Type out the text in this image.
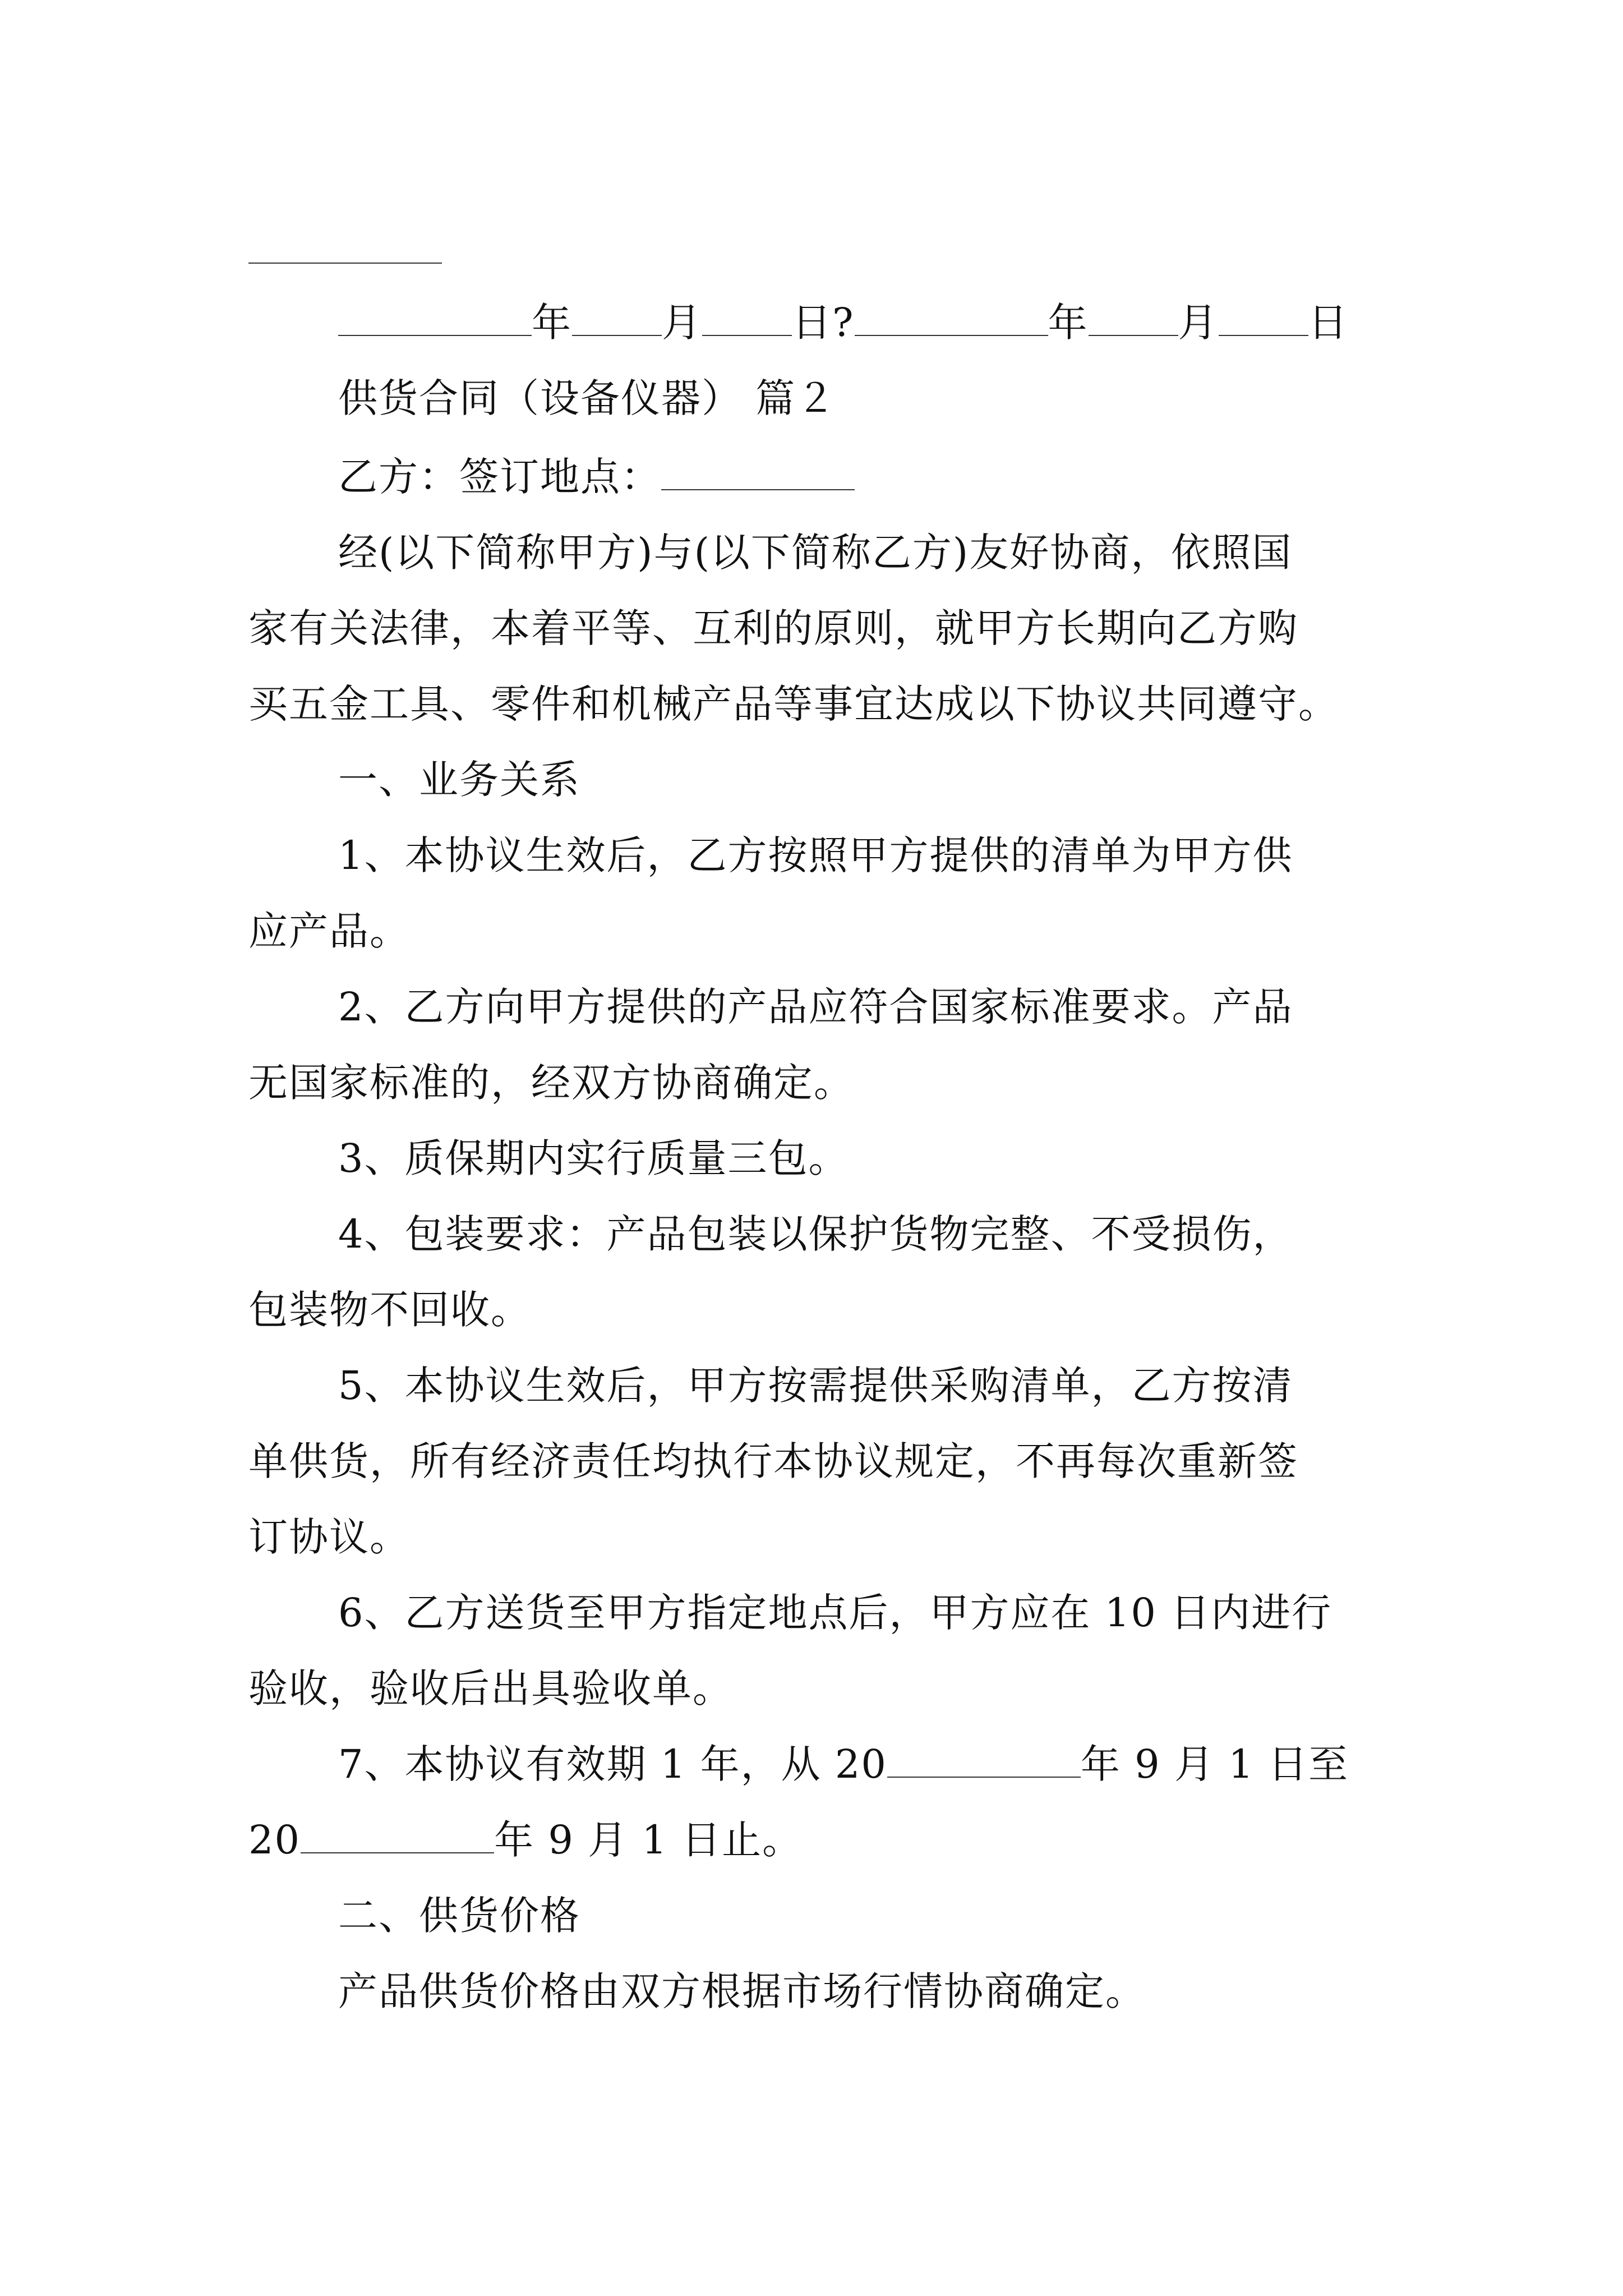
年 月 日?	年 月 日
供货合同（设备仪器） 篇２
乙方：签订地点：
经(以下简称甲方)与(以下简称乙方)友好协商，依照国
家有关法律，本着平等、互利的原则，就甲方长期向乙方购
买五金工具、零件和机械产品等事宜达成以下协议共同遵守。
一、业务关系
1、本协议生效后，乙方按照甲方提供的清单为甲方供
应产品。
2、乙方向甲方提供的产品应符合国家标准要求。产品
无国家标准的，经双方协商确定。
3、质保期内实行质量三包。
4、包装要求：产品包装以保护货物完整、不受损伤，
包装物不回收。
5、本协议生效后，甲方按需提供采购清单，乙方按清
单供货，所有经济责任均执行本协议规定，不再每次重新签
订协议。
6、乙方送货至甲方指定地点后，甲方应在 10 日内进行
验收，验收后出具验收单。
7、本协议有效期 1 年，从 20	年 9 月 1 日至
20	年 9 月 1 日止。
二、供货价格
产品供货价格由双方根据市场行情协商确定。
